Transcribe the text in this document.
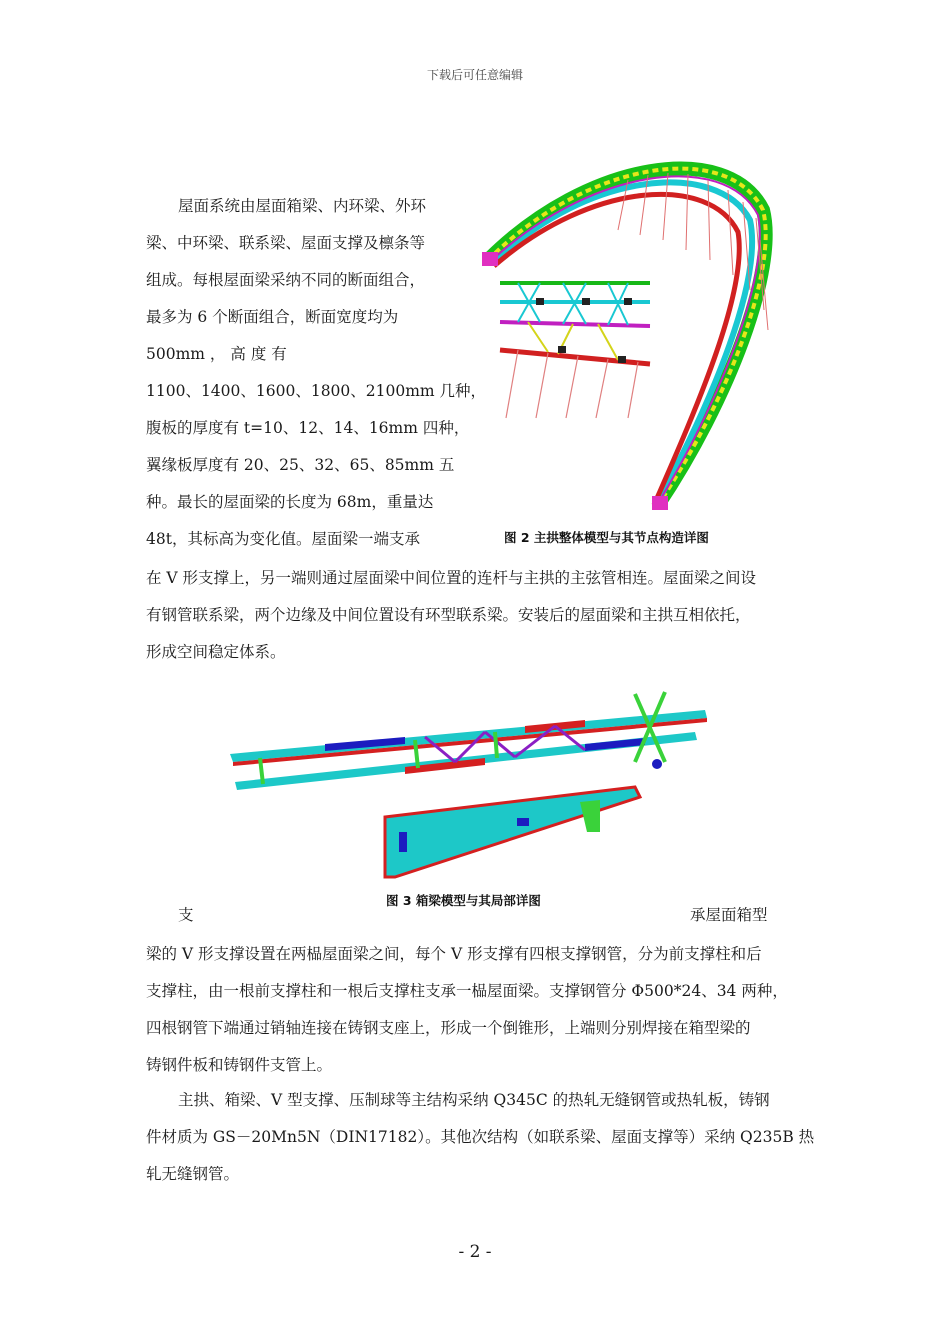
下载后可任意编辑
屋面系统由屋面箱梁、内环梁、外环
梁、中环梁、联系梁、屋面支撑及檩条等
组成。每根屋面梁采纳不同的断面组合，
最多为 6 个断面组合，断面宽度均为
500mm ， 高 度 有
1100、1400、1600、1800、2100mm 几种，
腹板的厚度有 t=10、12、14、16mm 四种，
翼缘板厚度有 20、25、32、65、85mm 五
种。最长的屋面梁的长度为 68m，重量达
48t，其标高为变化值。屋面梁一端支承	图 2 主拱整体模型与其节点构造详图
在 V 形支撑上，另一端则通过屋面梁中间位置的连杆与主拱的主弦管相连。屋面梁之间设
有钢管联系梁，两个边缘及中间位置设有环型联系梁。安装后的屋面梁和主拱互相依托，
形成空间稳定体系。
图 3 箱梁模型与其局部详图
支	承屋面箱型
梁的 V 形支撑设置在两榀屋面梁之间，每个 V 形支撑有四根支撑钢管，分为前支撑柱和后
支撑柱，由一根前支撑柱和一根后支撑柱支承一榀屋面梁。支撑钢管分 Φ500*24、34 两种，
四根钢管下端通过销轴连接在铸钢支座上，形成一个倒锥形，上端则分别焊接在箱型梁的
铸钢件板和铸钢件支管上。
主拱、箱梁、V 型支撑、压制球等主结构采纳 Q345C 的热轧无缝钢管或热轧板，铸钢
件材质为 GS－20Mn5N（DIN17182）。其他次结构（如联系梁、屋面支撑等）采纳 Q235B 热
轧无缝钢管。
- 2 -
